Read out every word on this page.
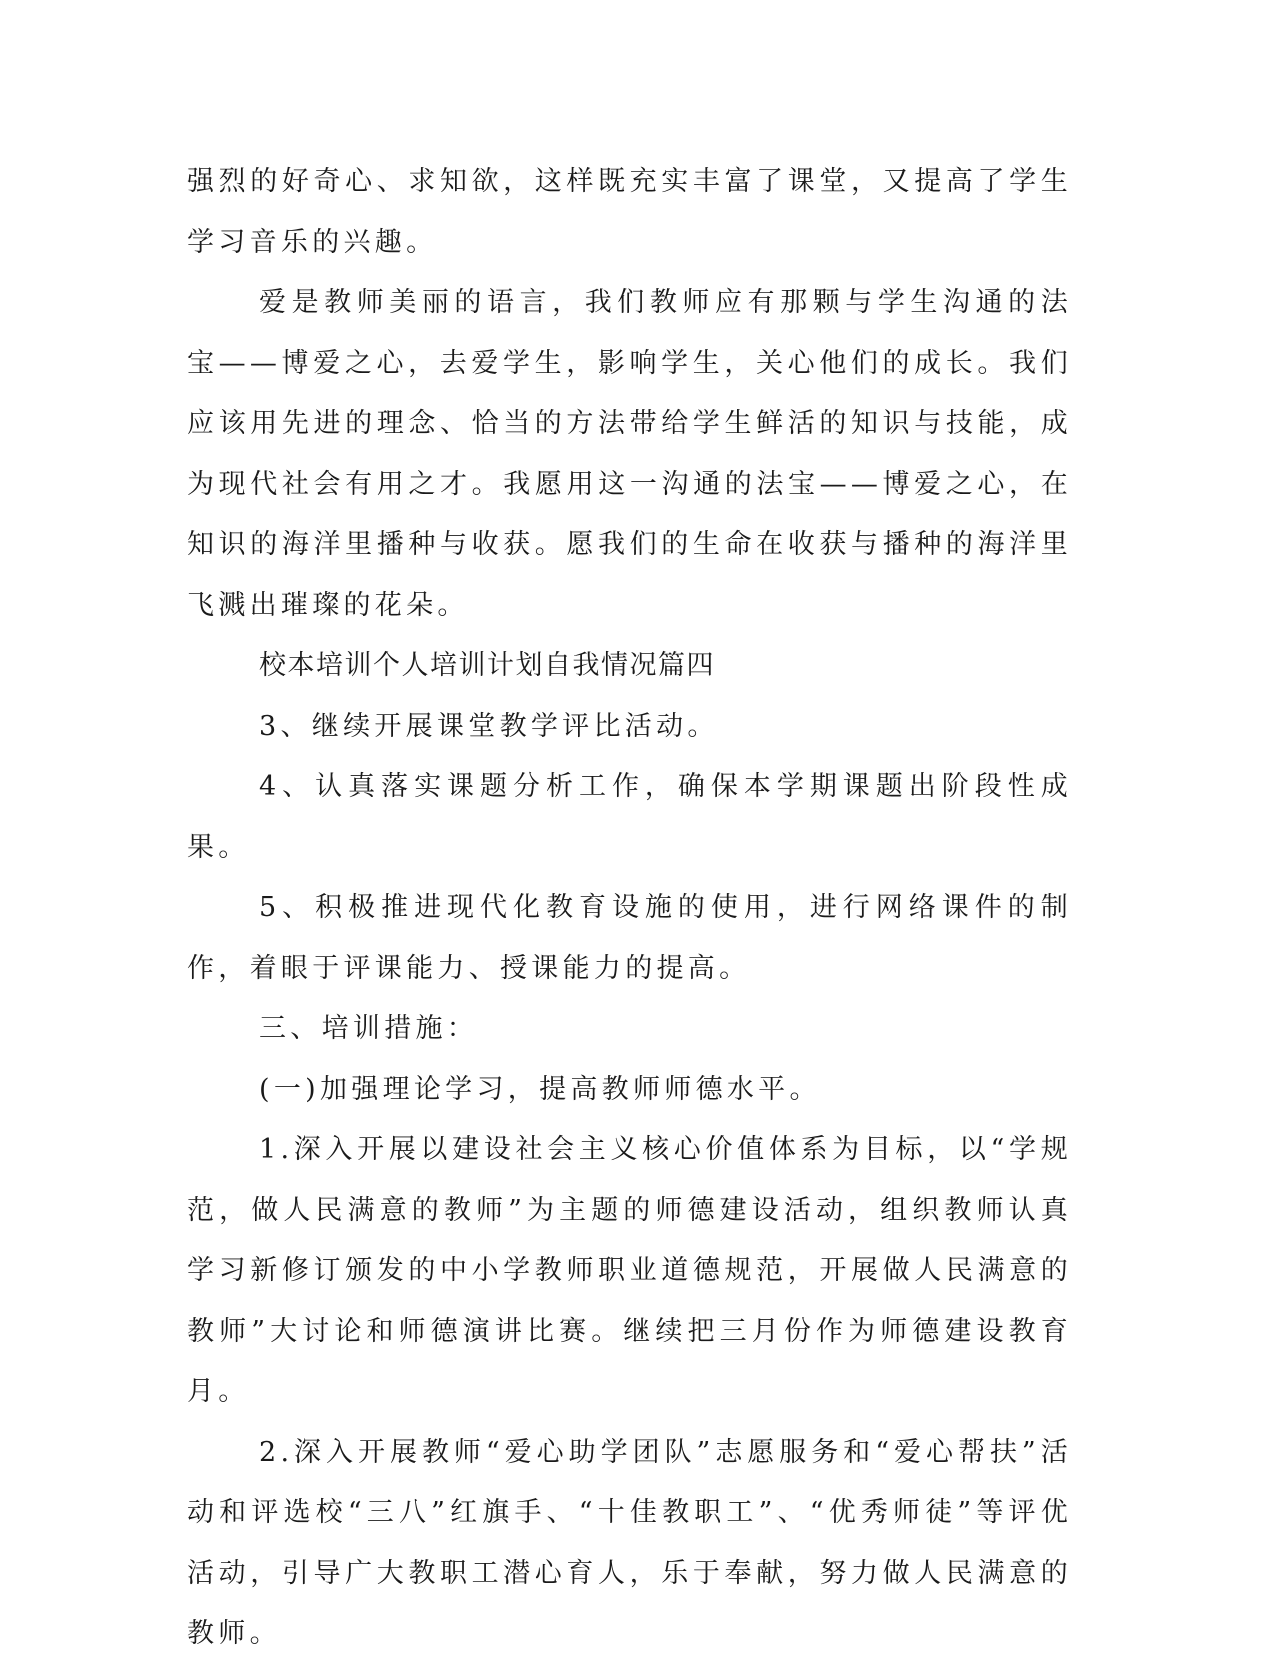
强烈的好奇心、求知欲，这样既充实丰富了课堂，又提高了学生学习音乐的兴趣。

爱是教师美丽的语言，我们教师应有那颗与学生沟通的法宝——博爱之心，去爱学生，影响学生，关心他们的成长。我们应该用先进的理念、恰当的方法带给学生鲜活的知识与技能，成为现代社会有用之才。我愿用这一沟通的法宝——博爱之心，在知识的海洋里播种与收获。愿我们的生命在收获与播种的海洋里飞溅出璀璨的花朵。

校本培训个人培训计划自我情况篇四

3、继续开展课堂教学评比活动。

4、认真落实课题分析工作，确保本学期课题出阶段性成果。

5、积极推进现代化教育设施的使用，进行网络课件的制作，着眼于评课能力、授课能力的提高。

三、培训措施：

(一)加强理论学习，提高教师师德水平。

1.深入开展以建设社会主义核心价值体系为目标，以“学规范，做人民满意的教师”为主题的师德建设活动，组织教师认真学习新修订颁发的中小学教师职业道德规范，开展做人民满意的教师”大讨论和师德演讲比赛。继续把三月份作为师德建设教育月。

2.深入开展教师“爱心助学团队”志愿服务和“爱心帮扶”活动和评选校“三八”红旗手、“十佳教职工”、“优秀师徒”等评优活动，引导广大教职工潜心育人，乐于奉献，努力做人民满意的教师。
